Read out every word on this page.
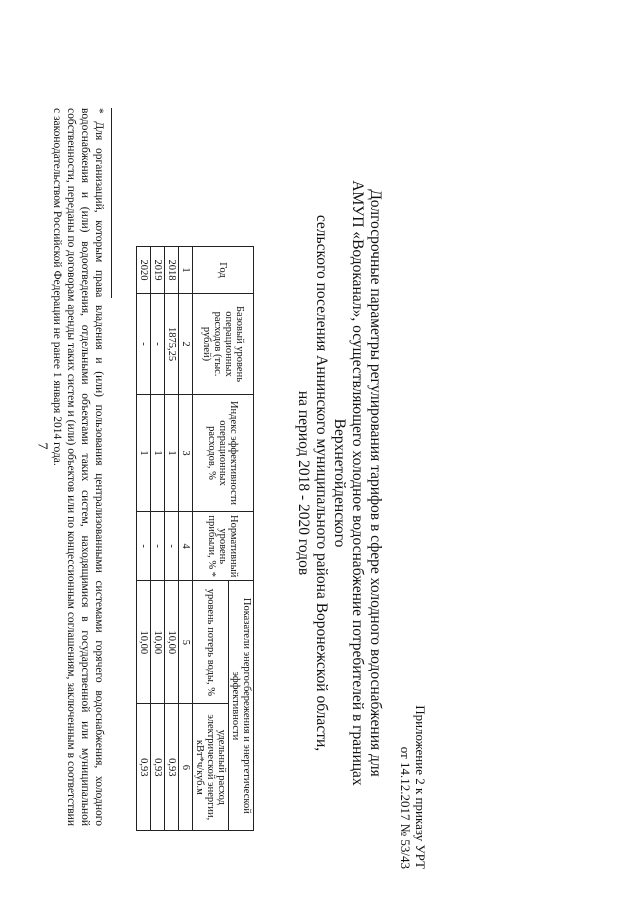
7
Приложение 2 к приказу УРТ
от 14.12.2017 № 53/43
Долгосрочные параметры регулирования тарифов в сфере холодного водоснабжения для
АМУП «Водоканал», осуществляющего холодное водоснабжение потребителей в границах Верхнетойденского
сельского поселения Аннинского муниципального района Воронежской области,
на период 2018 - 2020 годов
Год	Базовый уровень операционных расходов (тыс. рублей)	Индекс эффективности операционных расходов, %	Нормативный уровень прибыли, % *	Показатели энергосбережения и энергетической эффективности	
				уровень потерь воды, %	удельный расход электрической энергии, кВт*ч/куб.м
1	2	3	4	5	6
2018	1875,25	1	-	10,00	0,93
2019	-	1	-	10,00	0,93
2020	-	1	-	10,00	0,93
* Для организаций, которым права владения и (или) пользования централизованными системами горячего водоснабжения, холодного водоснабжения и (или) водоотведения, отдельными объектами таких систем, находящимися в государственной или муниципальной собственности, переданы по договорам аренды таких систем и (или) объектов или по концессионным соглашениям, заключенным в соответствии с законодательством Российской Федерации не ранее 1 января 2014 года.
